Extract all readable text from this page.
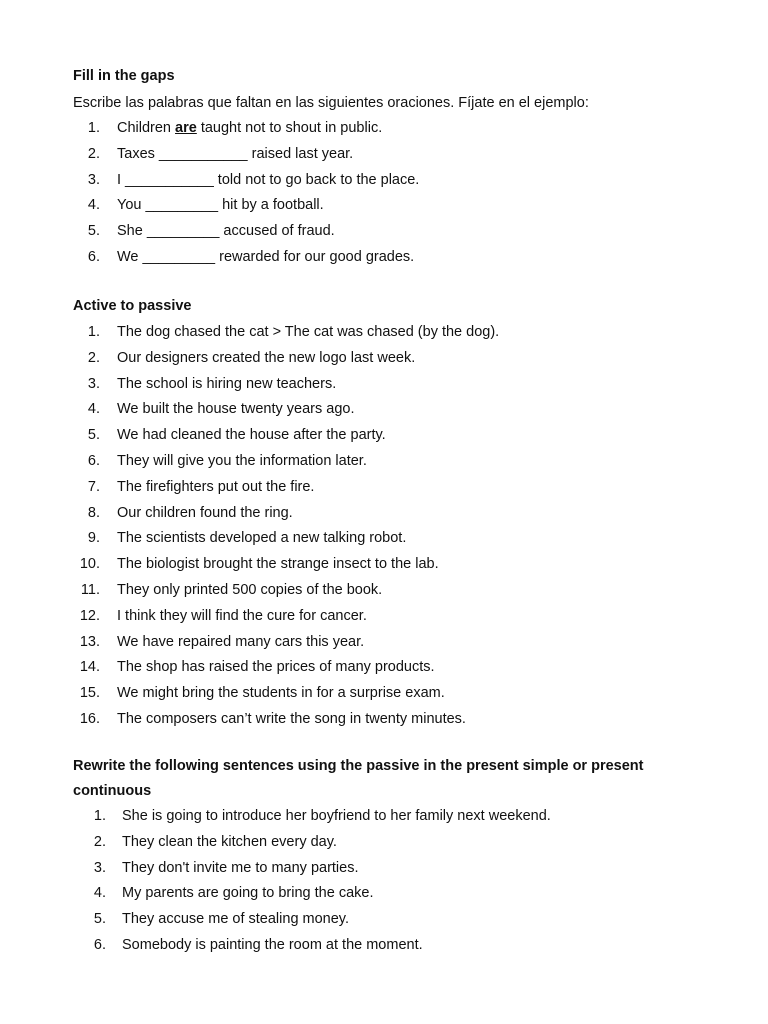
Fill in the gaps
Escribe las palabras que faltan en las siguientes oraciones. Fíjate en el ejemplo:
1. Children are taught not to shout in public.
2. Taxes ___________ raised last year.
3. I ___________ told not to go back to the place.
4. You _________ hit by a football.
5. She _________ accused of fraud.
6. We _________ rewarded for our good grades.
Active to passive
1. The dog chased the cat > The cat was chased (by the dog).
2. Our designers created the new logo last week.
3. The school is hiring new teachers.
4. We built the house twenty years ago.
5. We had cleaned the house after the party.
6. They will give you the information later.
7. The firefighters put out the fire.
8. Our children found the ring.
9. The scientists developed a new talking robot.
10. The biologist brought the strange insect to the lab.
11. They only printed 500 copies of the book.
12. I think they will find the cure for cancer.
13. We have repaired many cars this year.
14. The shop has raised the prices of many products.
15. We might bring the students in for a surprise exam.
16. The composers can’t write the song in twenty minutes.
Rewrite the following sentences using the passive in the present simple or present
continuous
1. She is going to introduce her boyfriend to her family next weekend.
2. They clean the kitchen every day.
3. They don't invite me to many parties.
4. My parents are going to bring the cake.
5. They accuse me of stealing money.
6. Somebody is painting the room at the moment.
